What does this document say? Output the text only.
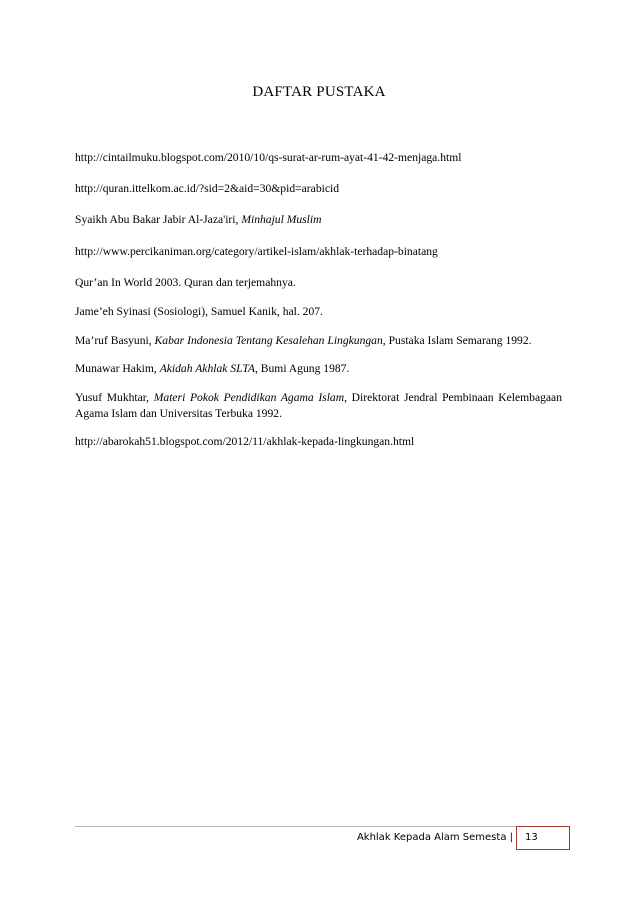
DAFTAR PUSTAKA
http://cintailmuku.blogspot.com/2010/10/qs-surat-ar-rum-ayat-41-42-menjaga.html
http://quran.ittelkom.ac.id/?sid=2&aid=30&pid=arabicid
Syaikh Abu Bakar Jabir Al-Jaza'iri, Minhajul Muslim
http://www.percikaniman.org/category/artikel-islam/akhlak-terhadap-binatang
Qur’an In World 2003. Quran dan terjemahnya.
Jame’eh Syinasi (Sosiologi), Samuel Kanik, hal. 207.
Ma’ruf Basyuni, Kabar Indonesia Tentang Kesalehan Lingkungan, Pustaka Islam Semarang 1992.
Munawar Hakim, Akidah Akhlak SLTA, Bumi Agung 1987.
Yusuf Mukhtar, Materi Pokok Pendidikan Agama Islam, Direktorat Jendral Pembinaan Kelembagaan Agama Islam dan Universitas Terbuka 1992.
http://abarokah51.blogspot.com/2012/11/akhlak-kepada-lingkungan.html
Akhlak Kepada Alam Semesta | 13
